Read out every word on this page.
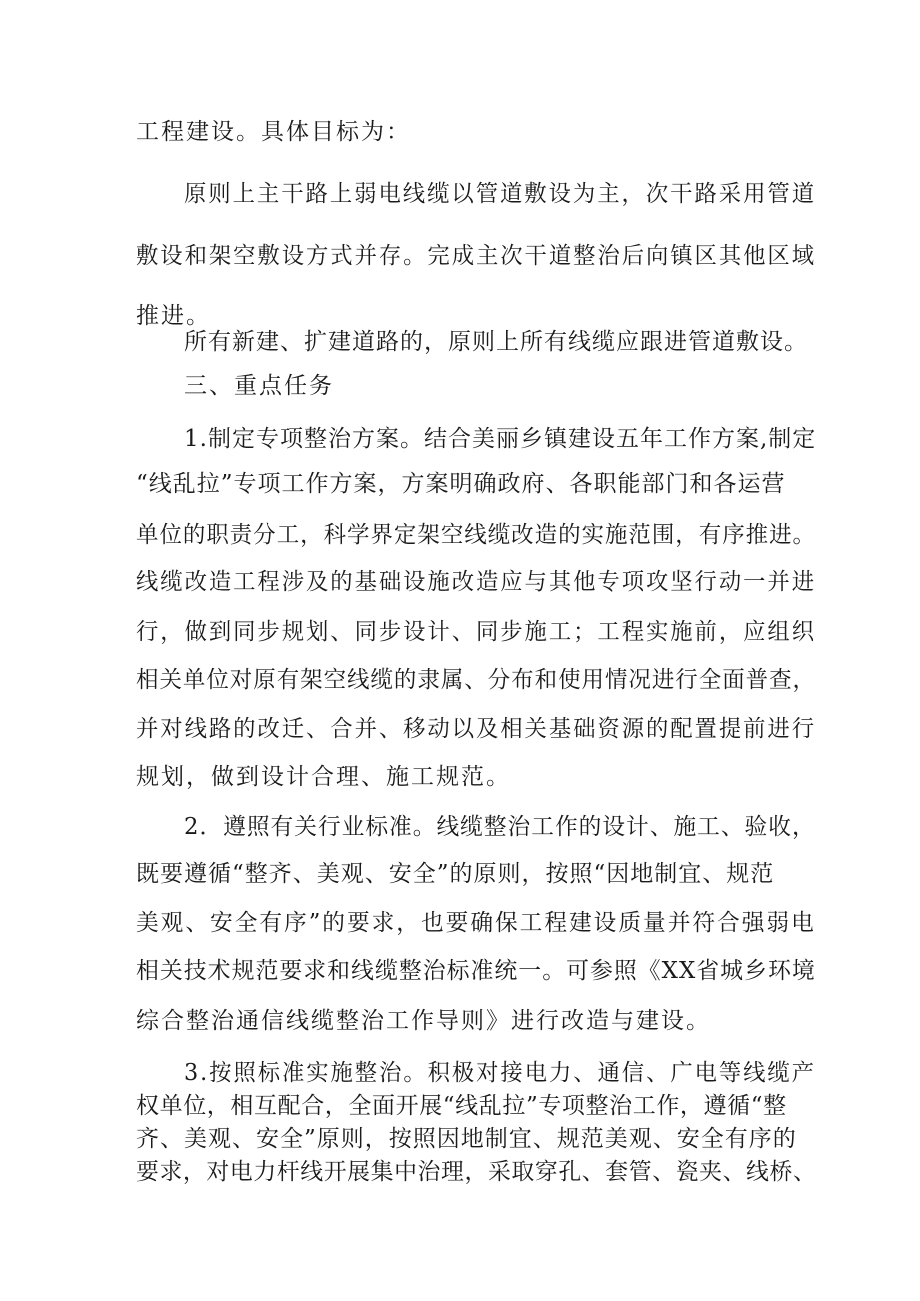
工程建设。具体目标为：
原则上主干路上弱电线缆以管道敷设为主，次干路采用管道
敷设和架空敷设方式并存。完成主次干道整治后向镇区其他区域
推进。
所有新建、扩建道路的，原则上所有线缆应跟进管道敷设。
三、重点任务
1.制定专项整治方案。结合美丽乡镇建设五年工作方案,制定
“线乱拉”专项工作方案，方案明确政府、各职能部门和各运营
单位的职责分工，科学界定架空线缆改造的实施范围，有序推进。
线缆改造工程涉及的基础设施改造应与其他专项攻坚行动一并进
行，做到同步规划、同步设计、同步施工；工程实施前，应组织
相关单位对原有架空线缆的隶属、分布和使用情况进行全面普查，
并对线路的改迁、合并、移动以及相关基础资源的配置提前进行
规划，做到设计合理、施工规范。
2．遵照有关行业标准。线缆整治工作的设计、施工、验收，
既要遵循“整齐、美观、安全”的原则，按照“因地制宜、规范
美观、安全有序”的要求，也要确保工程建设质量并符合强弱电
相关技术规范要求和线缆整治标准统一。可参照《XX省城乡环境
综合整治通信线缆整治工作导则》进行改造与建设。
3.按照标准实施整治。积极对接电力、通信、广电等线缆产
权单位，相互配合，全面开展“线乱拉”专项整治工作，遵循“整
齐、美观、安全”原则，按照因地制宜、规范美观、安全有序的
要求，对电力杆线开展集中治理，采取穿孔、套管、瓷夹、线桥、
